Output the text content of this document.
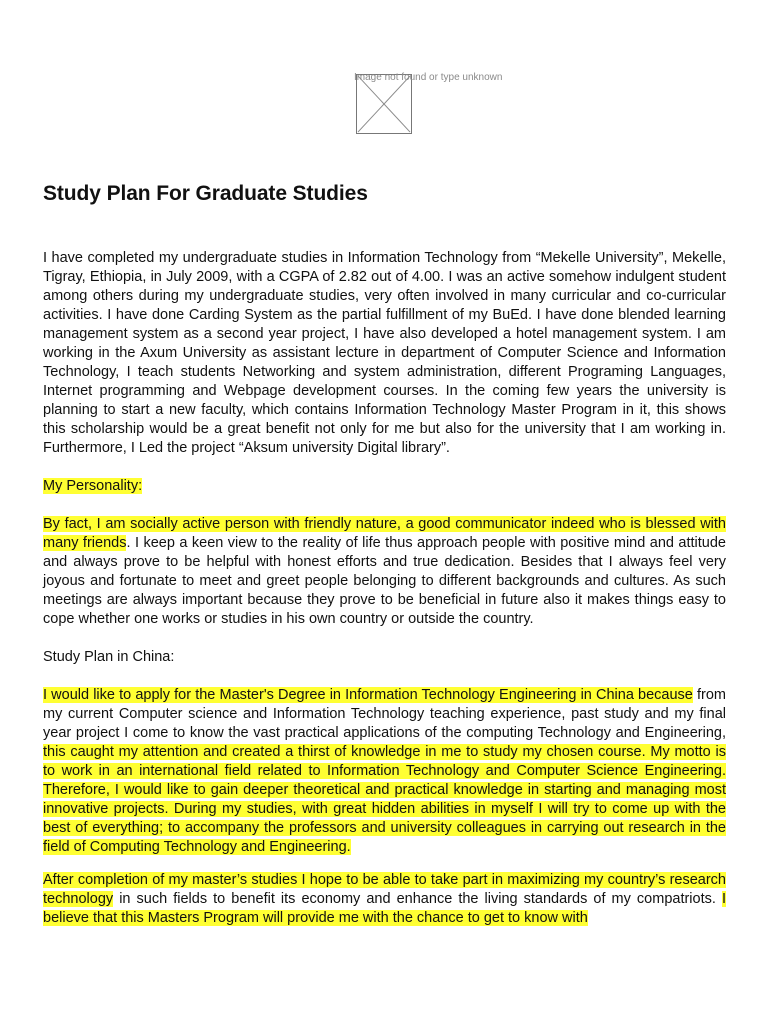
Image not found or type unknown
Study Plan For Graduate Studies

I have completed my undergraduate studies in Information Technology from “Mekelle University”, Mekelle, Tigray, Ethiopia, in July 2009, with a CGPA of 2.82 out of 4.00. I was an active somehow indulgent student among others during my undergraduate studies, very often involved in many curricular and co-curricular activities. I have done Carding System as the partial fulfillment of my BuEd. I have done blended learning management system as a second year project, I have also developed a hotel management system. I am working in the Axum University as assistant lecture in department of Computer Science and Information Technology, I teach students Networking and system administration, different Programing Languages, Internet programming and Webpage development courses. In the coming few years the university is planning to start a new faculty, which contains Information Technology Master Program in it, this shows this scholarship would be a great benefit not only for me but also for the university that I am working in. Furthermore, I Led the project “Aksum university Digital library”.

My Personality:

By fact, I am socially active person with friendly nature, a good communicator indeed who is blessed with many friends. I keep a keen view to the reality of life thus approach people with positive mind and attitude and always prove to be helpful with honest efforts and true dedication. Besides that I always feel very joyous and fortunate to meet and greet people belonging to different backgrounds and cultures. As such meetings are always important because they prove to be beneficial in future also it makes things easy to cope whether one works or studies in his own country or outside the country.

Study Plan in China:

I would like to apply for the Master's Degree in Information Technology Engineering in China because from my current Computer science and Information Technology teaching experience, past study and my final year project I come to know the vast practical applications of the computing Technology and Engineering, this caught my attention and created a thirst of knowledge in me to study my chosen course. My motto is to work in an international field related to Information Technology and Computer Science Engineering. Therefore, I would like to gain deeper theoretical and practical knowledge in starting and managing most innovative projects. During my studies, with great hidden abilities in myself I will try to come up with the best of everything; to accompany the professors and university colleagues in carrying out research in the field of Computing Technology and Engineering.

After completion of my master’s studies I hope to be able to take part in maximizing my country’s research technology in such fields to benefit its economy and enhance the living standards of my compatriots. I believe that this Masters Program will provide me with the chance to get to know with
